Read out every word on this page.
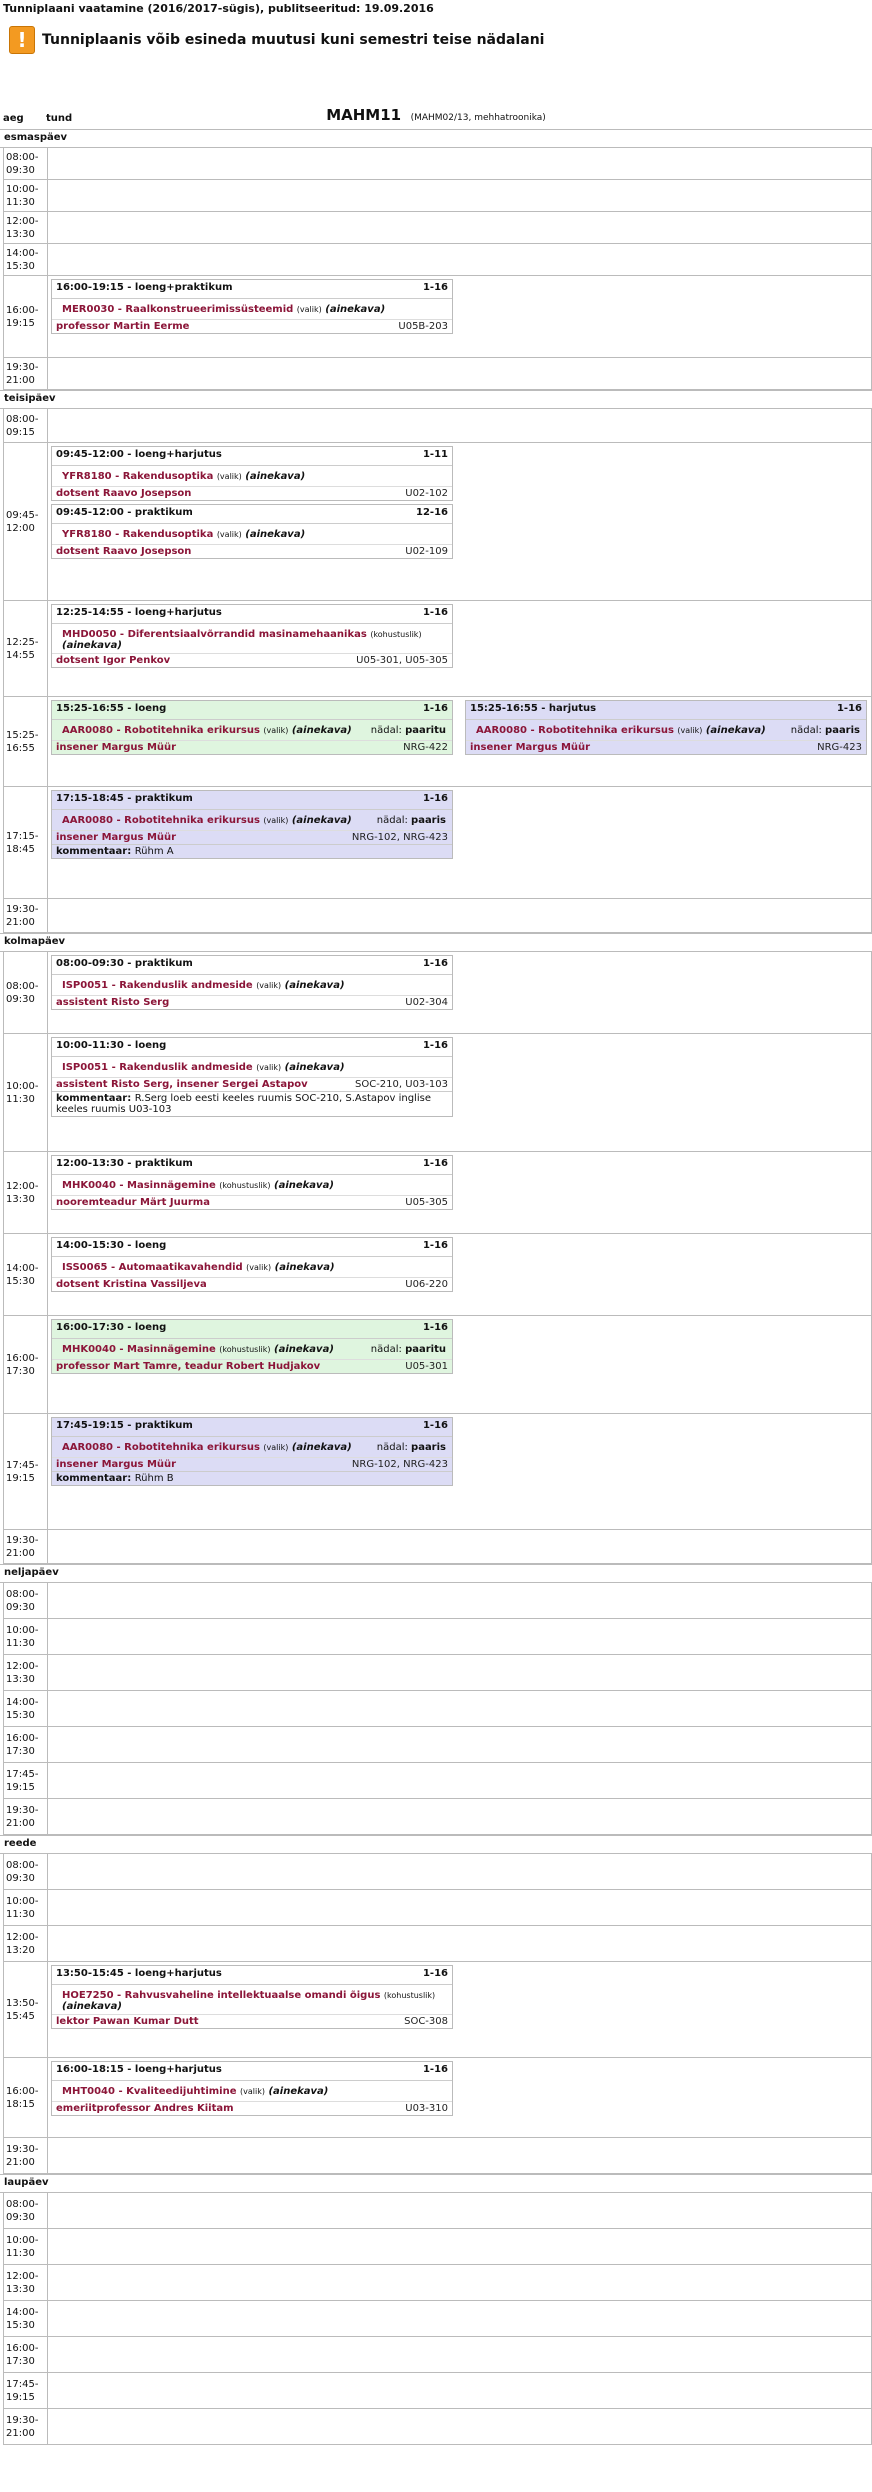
Tunniplaani vaatamine (2016/2017-sügis), publitseeritud: 19.09.2016
!	Tunniplaanis võib esineda muutusi kuni semestri teise nädalani
MAHM11 (MAHM02/13, mehhatroonika)
aeg	tund
esmaspäev
08:00-
09:30
10:00-
11:30
12:00-
13:30
14:00-
15:30
16:00-
19:15
16:00-19:15 - loeng+praktikum	1-16
MER0030 - Raalkonstrueerimissüsteemid (valik) (ainekava)
professor Martin Eerme	U05B-203
19:30-
21:00
teisipäev
08:00-
09:15
09:45-
12:00
09:45-12:00 - loeng+harjutus	1-11
YFR8180 - Rakendusoptika (valik) (ainekava)
dotsent Raavo Josepson	U02-102
09:45-12:00 - praktikum	12-16
YFR8180 - Rakendusoptika (valik) (ainekava)
dotsent Raavo Josepson	U02-109
12:25-
14:55
12:25-14:55 - loeng+harjutus	1-16
MHD0050 - Diferentsiaalvõrrandid masinamehaanikas (kohustuslik) (ainekava)
dotsent Igor Penkov	U05-301, U05-305
15:25-
16:55
15:25-16:55 - loeng	1-16
AAR0080 - Robotitehnika erikursus (valik) (ainekava) nädal: paaritu
insener Margus Müür	NRG-422
15:25-16:55 - harjutus	1-16
AAR0080 - Robotitehnika erikursus (valik) (ainekava)	nädal: paaris
insener Margus Müür	NRG-423
17:15-
18:45
17:15-18:45 - praktikum	1-16
AAR0080 - Robotitehnika erikursus (valik) (ainekava)	nädal: paaris
insener Margus Müür	NRG-102, NRG-423
kommentaar: Rühm A
19:30-
21:00
kolmapäev
08:00-
09:30
08:00-09:30 - praktikum	1-16
ISP0051 - Rakenduslik andmeside (valik) (ainekava)
assistent Risto Serg	U02-304
10:00-
11:30
10:00-11:30 - loeng	1-16
ISP0051 - Rakenduslik andmeside (valik) (ainekava)
assistent Risto Serg, insener Sergei Astapov	SOC-210, U03-103
kommentaar: R.Serg loeb eesti keeles ruumis SOC-210, S.Astapov inglise keeles ruumis U03-103
12:00-
13:30
12:00-13:30 - praktikum	1-16
MHK0040 - Masinnägemine (kohustuslik) (ainekava)
nooremteadur Märt Juurma	U05-305
14:00-
15:30
14:00-15:30 - loeng	1-16
ISS0065 - Automaatikavahendid (valik) (ainekava)
dotsent Kristina Vassiljeva	U06-220
16:00-
17:30
16:00-17:30 - loeng	1-16
MHK0040 - Masinnägemine (kohustuslik) (ainekava)	nädal: paaritu
professor Mart Tamre, teadur Robert Hudjakov	U05-301
17:45-
19:15
17:45-19:15 - praktikum	1-16
AAR0080 - Robotitehnika erikursus (valik) (ainekava)	nädal: paaris
insener Margus Müür	NRG-102, NRG-423
kommentaar: Rühm B
19:30-
21:00
neljapäev
08:00-
09:30
10:00-
11:30
12:00-
13:30
14:00-
15:30
16:00-
17:30
17:45-
19:15
19:30-
21:00
reede
08:00-
09:30
10:00-
11:30
12:00-
13:20
13:50-
15:45
13:50-15:45 - loeng+harjutus	1-16
HOE7250 - Rahvusvaheline intellektuaalse omandi õigus (kohustuslik) (ainekava)
lektor Pawan Kumar Dutt	SOC-308
16:00-
18:15
16:00-18:15 - loeng+harjutus	1-16
MHT0040 - Kvaliteedijuhtimine (valik) (ainekava)
emeriitprofessor Andres Kiitam	U03-310
19:30-
21:00
laupäev
08:00-
09:30
10:00-
11:30
12:00-
13:30
14:00-
15:30
16:00-
17:30
17:45-
19:15
19:30-
21:00
